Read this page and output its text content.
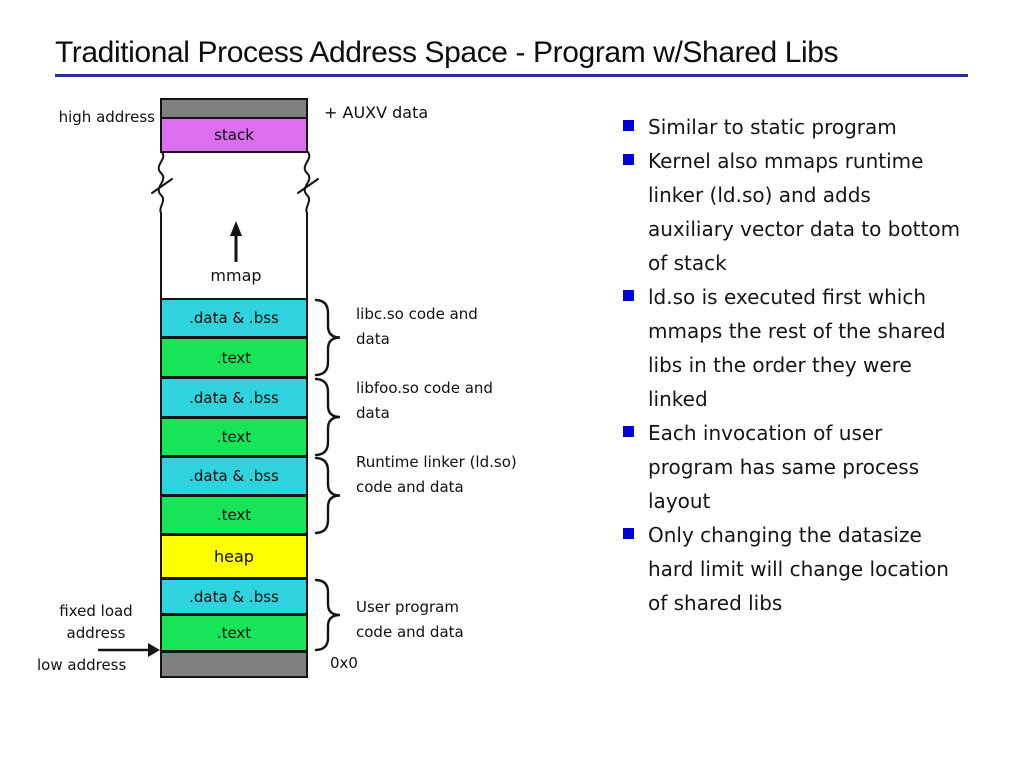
Traditional Process Address Space - Program w/Shared Libs
high address	+ AUXV data
stack
mmap
.data & .bss
.text
.data & .bss
.text
.data & .bss
.text
heap
.data & .bss
.text
libc.so code and
data
libfoo.so code and
data
Runtime linker (ld.so)
code and data
User program
code and data
fixed load
address
low address	0x0
Similar to static program
Kernel also mmaps runtime
linker (ld.so) and adds
auxiliary vector data to bottom
of stack
ld.so is executed first which
mmaps the rest of the shared
libs in the order they were
linked
Each invocation of user
program has same process
layout
Only changing the datasize
hard limit will change location
of shared libs
